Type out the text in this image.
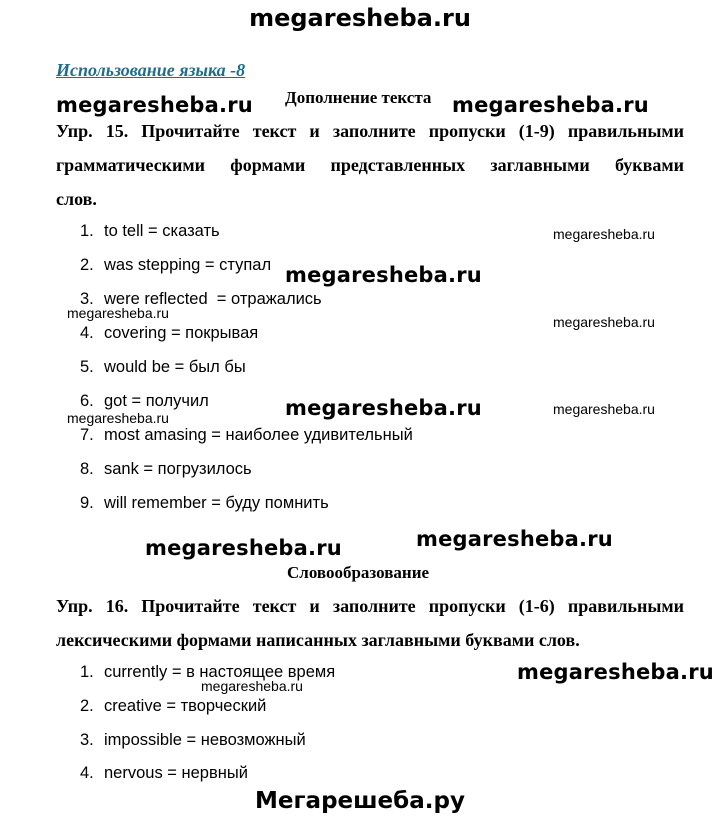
megaresheba.ru
Использование языка -8
Дополнение текста
Упр. 15. Прочитайте текст и заполните пропуски (1-9) правильными
грамматическими формами представленных заглавными буквами
слов.
1. to tell = сказать
2. was stepping = ступал
3. were reflected  = отражались
4. covering = покрывая
5. would be = был бы
6. got = получил
7. most amasing = наиболее удивительный
8. sank = погрузилось
9. will remember = буду помнить
Словообразование
Упр. 16. Прочитайте текст и заполните пропуски (1-6) правильными
лексическими формами написанных заглавными буквами слов.
1. currently = в настоящее время
2. creative = творческий
3. impossible = невозможный
4. nervous = нервный
megaresheba.ru	megaresheba.ru
megaresheba.ru
megaresheba.ru
megaresheba.ru	megaresheba.ru
megaresheba.ru
megaresheba.ru
megaresheba.ru
megaresheba.ru
megaresheba.ru
megaresheba.ru
megaresheba.ru
Мегарешеба.ру
